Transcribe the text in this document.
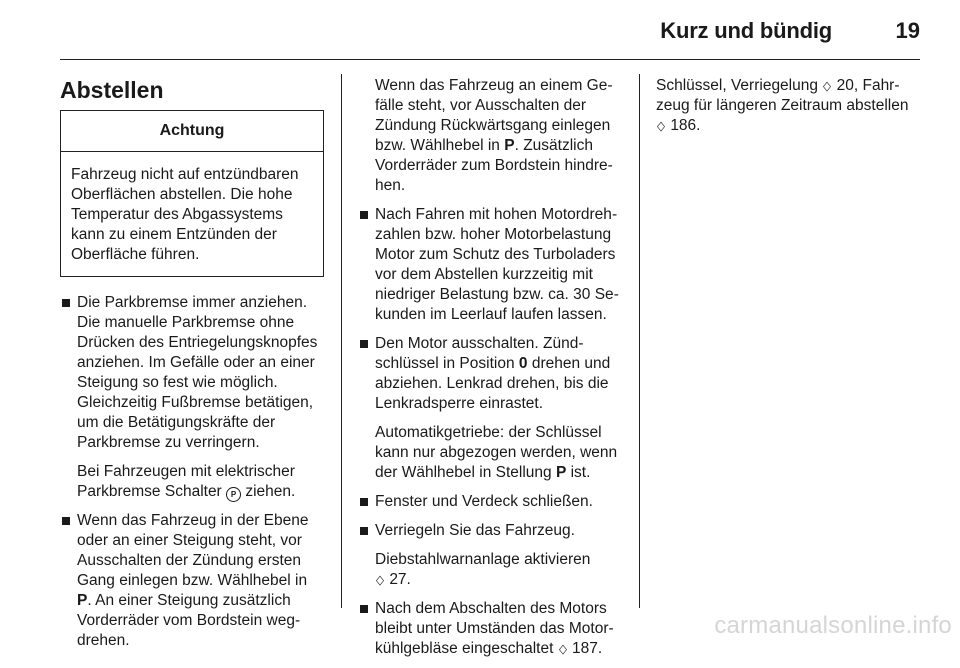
Kurz und bündig	19
Abstellen
Achtung
Fahrzeug nicht auf entzündbaren Oberflächen abstellen. Die hohe Temperatur des Abgassystems kann zu einem Entzünden der Oberfläche führen.
Die Parkbremse immer anziehen. Die manuelle Parkbremse ohne Drücken des Entriegelungsknopfes anziehen. Im Gefälle oder an einer Steigung so fest wie möglich. Gleichzeitig Fußbremse betätigen, um die Betätigungskräfte der Parkbremse zu verringern.
Bei Fahrzeugen mit elektrischer Parkbremse Schalter P ziehen.
Wenn das Fahrzeug in der Ebene oder an einer Steigung steht, vor Ausschalten der Zündung ersten Gang einlegen bzw. Wählhebel in P. An einer Steigung zusätzlich Vorderräder vom Bordstein wegdrehen.
Wenn das Fahrzeug an einem Gefälle steht, vor Ausschalten der Zündung Rückwärtsgang einlegen bzw. Wählhebel in P. Zusätzlich Vorderräder zum Bordstein hindrehen.
Nach Fahren mit hohen Motordrehzahlen bzw. hoher Motorbelastung Motor zum Schutz des Turboladers vor dem Abstellen kurzzeitig mit niedriger Belastung bzw. ca. 30 Sekunden im Leerlauf laufen lassen.
Den Motor ausschalten. Zündschlüssel in Position 0 drehen und abziehen. Lenkrad drehen, bis die Lenkradsperre einrastet.
Automatikgetriebe: der Schlüssel kann nur abgezogen werden, wenn der Wählhebel in Stellung P ist.
Fenster und Verdeck schließen.
Verriegeln Sie das Fahrzeug.
Diebstahlwarnanlage aktivieren
◇ 27.
Nach dem Abschalten des Motors bleibt unter Umständen das Motorkühlgebläse eingeschaltet ◇ 187.
Schlüssel, Verriegelung ◇ 20, Fahrzeug für längeren Zeitraum abstellen
◇ 186.
carmanualsonline.info
